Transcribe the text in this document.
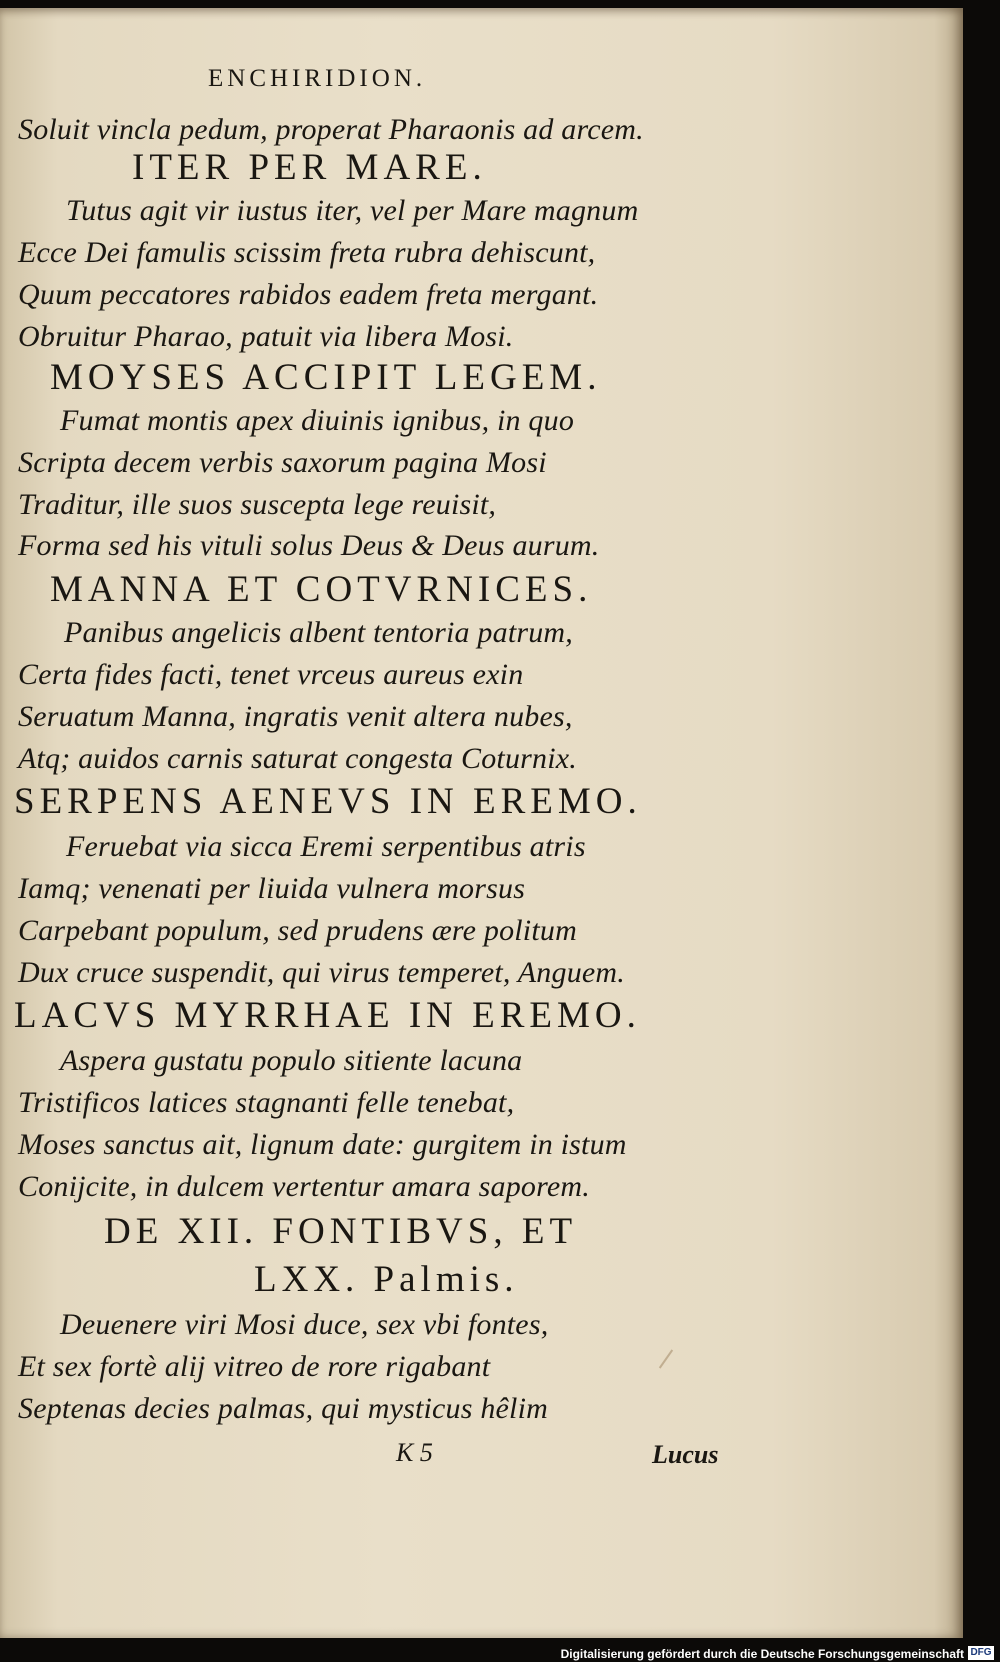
ENCHIRIDION.
Soluit vincla pedum, properat Pharaonis ad arcem.
ITER PER MARE.
Tutus agit vir iustus iter, vel per Mare magnum
Ecce Dei famulis scissim freta rubra dehiscunt,
Quum peccatores rabidos eadem freta mergant.
Obruitur Pharao, patuit via libera Mosi.
MOYSES ACCIPIT LEGEM.
Fumat montis apex diuinis ignibus, in quo
Scripta decem verbis saxorum pagina Mosi
Traditur, ille suos suscepta lege reuisit,
Forma sed his vituli solus Deus & Deus aurum.
MANNA ET COTVRNICES.
Panibus angelicis albent tentoria patrum,
Certa fides facti, tenet vrceus aureus exin
Seruatum Manna, ingratis venit altera nubes,
Atq; auidos carnis saturat congesta Coturnix.
SERPENS AENEVS IN EREMO.
Feruebat via sicca Eremi serpentibus atris
Iamq; venenati per liuida vulnera morsus
Carpebant populum, sed prudens ære politum
Dux cruce suspendit, qui virus temperet, Anguem.
LACVS MYRRHAE IN EREMO.
Aspera gustatu populo sitiente lacuna
Tristificos latices stagnanti felle tenebat,
Moses sanctus ait, lignum date: gurgitem in istum
Conijcite, in dulcem vertentur amara saporem.
DE XII. FONTIBVS, ET
LXX. Palmis.
Deuenere viri Mosi duce, sex vbi fontes,
Et sex fortè alij vitreo de rore rigabant
Septenas decies palmas, qui mysticus hêlim
K 5	Lucus
Digitalisierung gefördert durch die Deutsche Forschungsgemeinschaft DFG
